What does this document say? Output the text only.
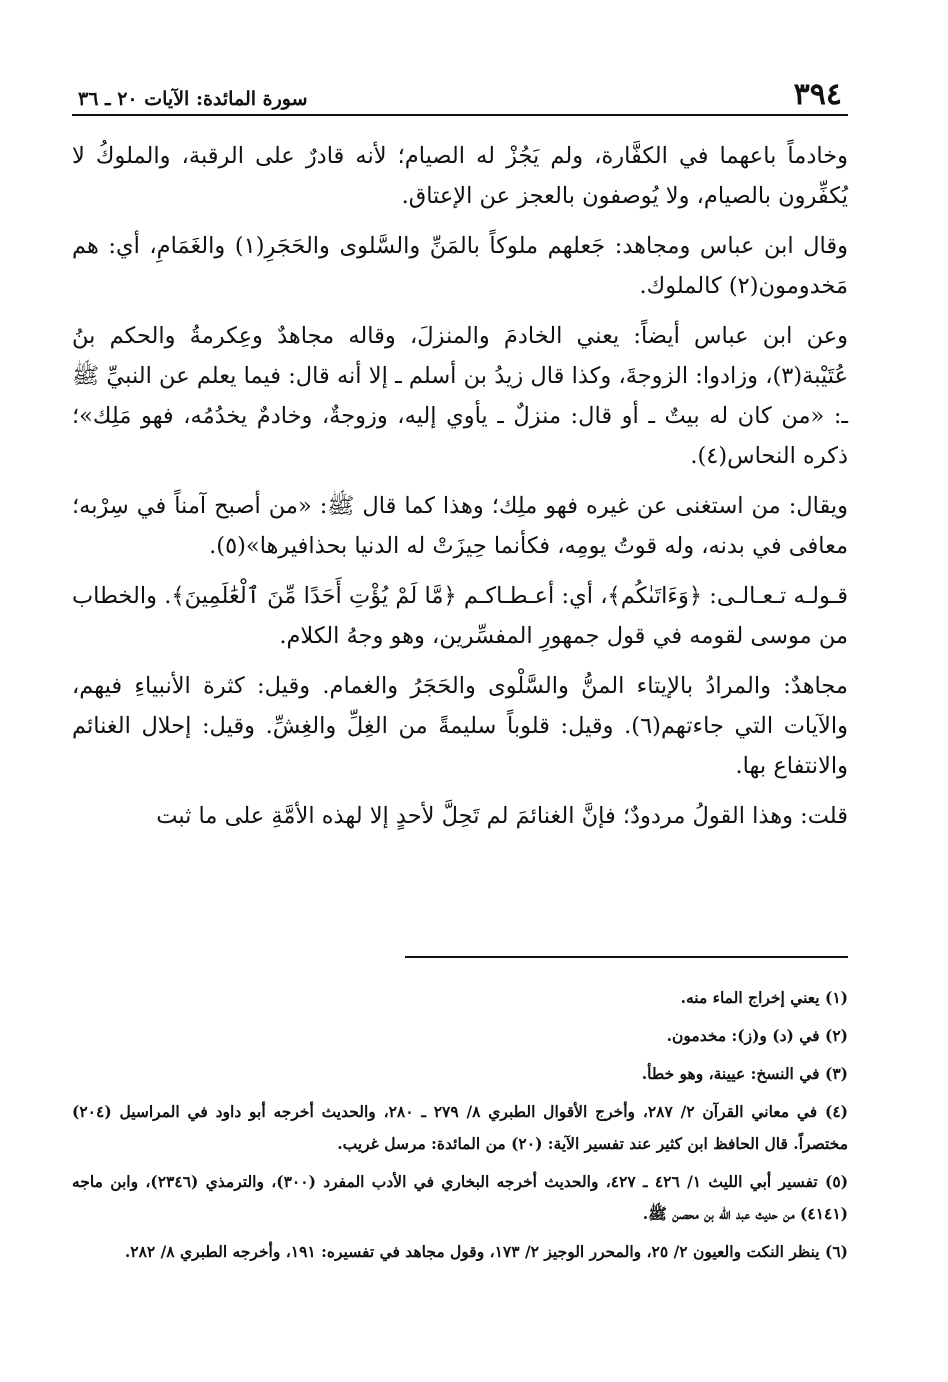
٣٩٤
سورة المائدة: الآيات ٢٠ ـ ٣٦

وخادماً باعهما في الكفَّارة، ولم يَجُزْ له الصيام؛ لأنه قادرٌ على الرقبة، والملوكُ لا يُكفِّرون بالصيام، ولا يُوصفون بالعجز عن الإعتاق.

وقال ابن عباس ومجاهد: جَعلهم ملوكاً بالمَنِّ والسَّلوى والحَجَرِ(١) والغَمَامِ، أي: هم مَخدومون(٢) كالملوك.

وعن ابن عباس أيضاً: يعني الخادمَ والمنزلَ، وقاله مجاهدٌ وعِكرمةُ والحكم بنُ عُتَيْبة(٣)، وزادوا: الزوجةَ، وكذا قال زيدُ بن أسلم ـ إلا أنه قال: فيما يعلم عن النبيِّ ﷺ ـ: «من كان له بيتٌ ـ أو قال: منزلٌ ـ يأوي إليه، وزوجةٌ، وخادمٌ يخدُمُه، فهو مَلِك»؛ ذكره النحاس(٤).

ويقال: من استغنى عن غيره فهو ملِك؛ وهذا كما قال ﷺ: «من أصبح آمناً في سِرْبه؛ معافى في بدنه، وله قوتُ يومِه، فكأنما حِيزَتْ له الدنيا بحذافيرها»(٥).

قـولـه تـعـالـى: ﴿وَءَاتَىٰكُم﴾، أي: أعـطـاكـم ﴿مَّا لَمْ يُؤْتِ أَحَدًا مِّنَ ٱلْعَٰلَمِينَ﴾. والخطاب من موسى لقومه في قول جمهورِ المفسِّرين، وهو وجهُ الكلام.

مجاهدٌ: والمرادُ بالإيتاء المنُّ والسَّلْوى والحَجَرُ والغمام. وقيل: كثرة الأنبياءِ فيهم، والآيات التي جاءتهم(٦). وقيل: قلوباً سليمةً من الغِلِّ والغِشِّ. وقيل: إحلال الغنائم والانتفاع بها.

قلت: وهذا القولُ مردودٌ؛ فإنَّ الغنائمَ لم تَحِلَّ لأحدٍ إلا لهذه الأمَّةِ على ما ثبت

(١) يعني إخراج الماء منه.

(٢) في (د) و(ز): مخدمون.

(٣) في النسخ: عيينة، وهو خطأ.

(٤) في معاني القرآن ٢/ ٢٨٧، وأخرج الأقوال الطبري ٨/ ٢٧٩ ـ ٢٨٠، والحديث أخرجه أبو داود في المراسيل (٢٠٤) مختصراً. قال الحافظ ابن كثير عند تفسير الآية: (٢٠) من المائدة: مرسل غريب.

(٥) تفسير أبي الليث ١/ ٤٢٦ ـ ٤٢٧، والحديث أخرجه البخاري في الأدب المفرد (٣٠٠)، والترمذي (٢٣٤٦)، وابن ماجه (٤١٤١) من حديث عبد الله بن محصن ﷺ.

(٦) ينظر النكت والعيون ٢/ ٢٥، والمحرر الوجيز ٢/ ١٧٣، وقول مجاهد في تفسيره: ١٩١، وأخرجه الطبري ٨/ ٢٨٢.
